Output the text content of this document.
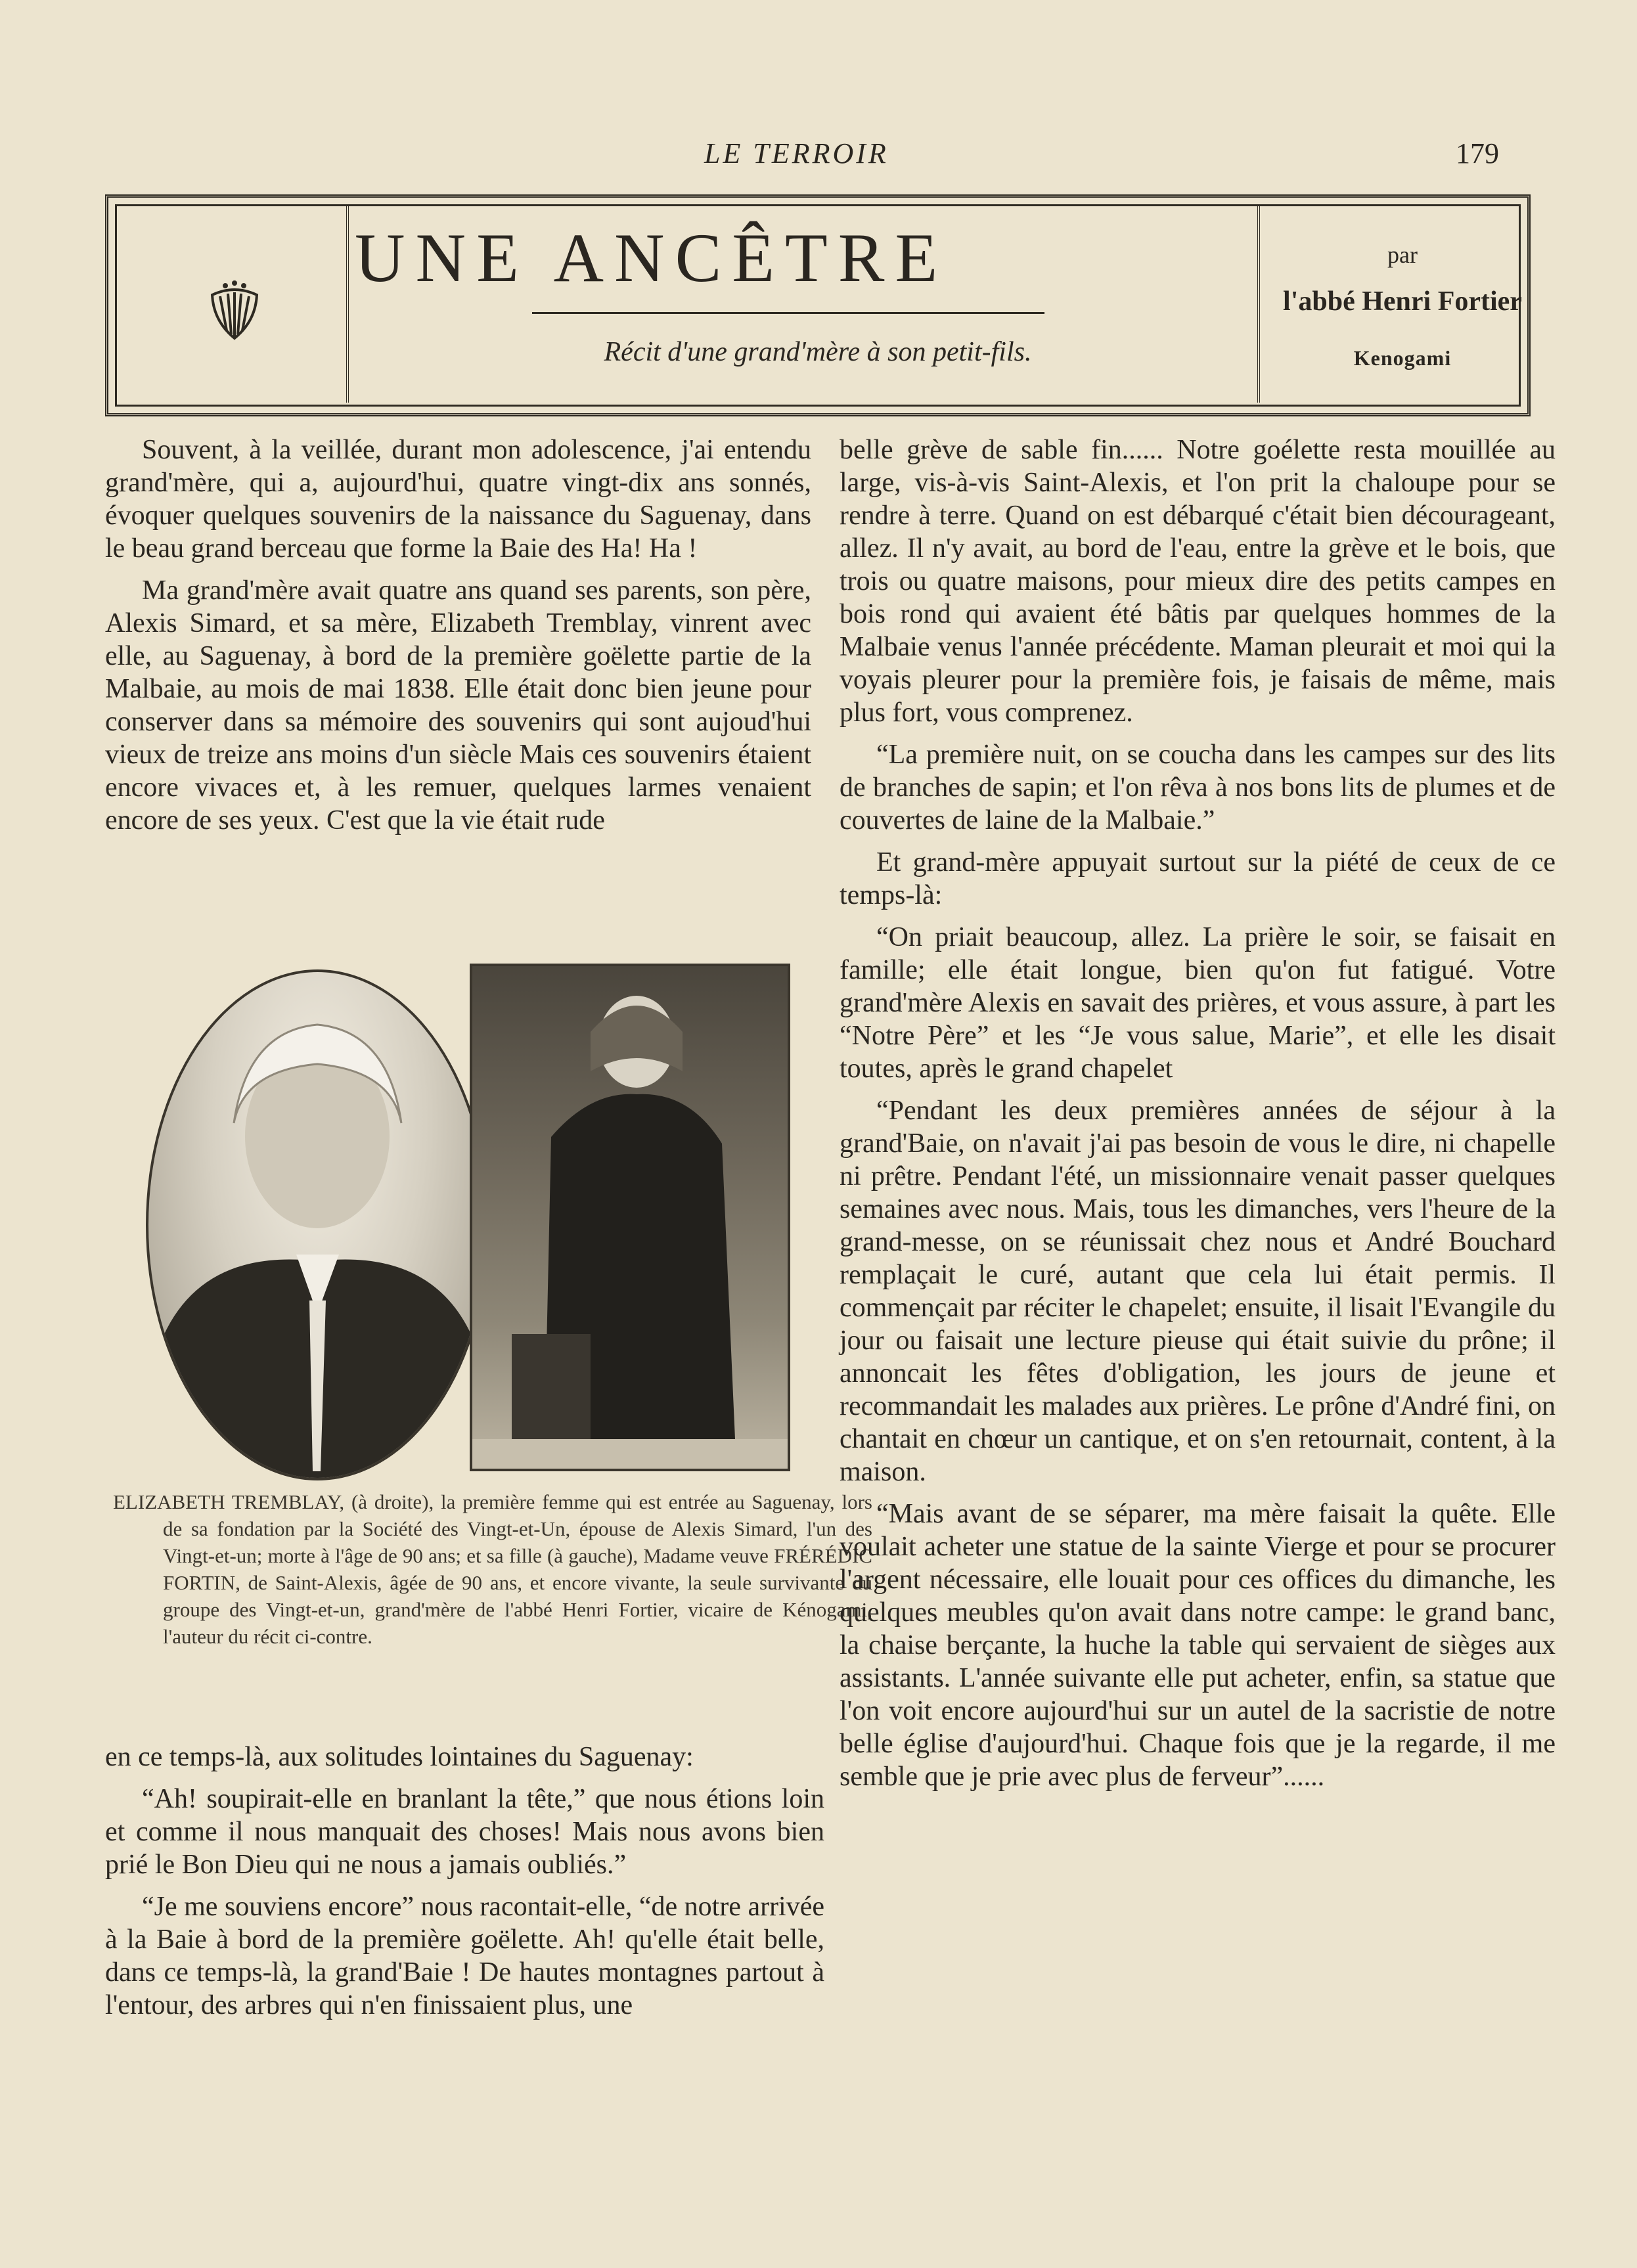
LE TERROIR	179
UNE ANCÊTRE
Récit d'une grand'mère à son petit-fils.
par
l'abbé Henri Fortier
Kenogami

Souvent, à la veillée, durant mon adolescence, j'ai entendu grand'mère, qui a, aujourd'hui, quatre vingt-dix ans sonnés, évoquer quelques souvenirs de la naissance du Saguenay, dans le beau grand berceau que forme la Baie des Ha! Ha !

Ma grand'mère avait quatre ans quand ses parents, son père, Alexis Simard, et sa mère, Elizabeth Tremblay, vinrent avec elle, au Saguenay, à bord de la première goëlette partie de la Malbaie, au mois de mai 1838. Elle était donc bien jeune pour conserver dans sa mémoire des souvenirs qui sont aujoud'hui vieux de treize ans moins d'un siècle Mais ces souvenirs étaient encore vivaces et, à les remuer, quelques larmes venaient encore de ses yeux. C'est que la vie était rude

ELIZABETH TREMBLAY, (à droite), la première femme qui est entrée au Saguenay, lors de sa fondation par la Société des Vingt-et-Un, épouse de Alexis Simard, l'un des Vingt-et-un; morte à l'âge de 90 ans; et sa fille (à gauche), Madame veuve FRÉRÉDIC FORTIN, de Saint-Alexis, âgée de 90 ans, et encore vivante, la seule survivante du groupe des Vingt-et-un, grand'mère de l'abbé Henri Fortier, vicaire de Kénogami, l'auteur du récit ci-contre.

en ce temps-là, aux solitudes lointaines du Saguenay:

“Ah! soupirait-elle en branlant la tête,” que nous étions loin et comme il nous manquait des choses! Mais nous avons bien prié le Bon Dieu qui ne nous a jamais oubliés.”

“Je me souviens encore” nous racontait-elle, “de notre arrivée à la Baie à bord de la première goëlette. Ah! qu'elle était belle, dans ce temps-là, la grand'Baie ! De hautes montagnes partout à l'entour, des arbres qui n'en finissaient plus, une

belle grève de sable fin...... Notre goélette resta mouillée au large, vis-à-vis Saint-Alexis, et l'on prit la chaloupe pour se rendre à terre. Quand on est débarqué c'était bien décourageant, allez. Il n'y avait, au bord de l'eau, entre la grève et le bois, que trois ou quatre maisons, pour mieux dire des petits campes en bois rond qui avaient été bâtis par quelques hommes de la Malbaie venus l'année précédente. Maman pleurait et moi qui la voyais pleurer pour la première fois, je faisais de même, mais plus fort, vous comprenez.

“La première nuit, on se coucha dans les campes sur des lits de branches de sapin; et l'on rêva à nos bons lits de plumes et de couvertes de laine de la Malbaie.”

Et grand-mère appuyait surtout sur la piété de ceux de ce temps-là:

“On priait beaucoup, allez. La prière le soir, se faisait en famille; elle était longue, bien qu'on fut fatigué. Votre grand'mère Alexis en savait des prières, et vous assure, à part les “Notre Père” et les “Je vous salue, Marie”, et elle les disait toutes, après le grand chapelet

“Pendant les deux premières années de séjour à la grand'Baie, on n'avait j'ai pas besoin de vous le dire, ni chapelle ni prêtre. Pendant l'été, un missionnaire venait passer quelques semaines avec nous. Mais, tous les dimanches, vers l'heure de la grand-messe, on se réunissait chez nous et André Bouchard remplaçait le curé, autant que cela lui était permis. Il commençait par réciter le chapelet; ensuite, il lisait l'Evangile du jour ou faisait une lecture pieuse qui était suivie du prône; il annoncait les fêtes d'obligation, les jours de jeune et recommandait les malades aux prières. Le prône d'André fini, on chantait en chœur un cantique, et on s'en retournait, content, à la maison.

“Mais avant de se séparer, ma mère faisait la quête. Elle voulait acheter une statue de la sainte Vierge et pour se procurer l'argent nécessaire, elle louait pour ces offices du dimanche, les quelques meubles qu'on avait dans notre campe: le grand banc, la chaise berçante, la huche la table qui servaient de sièges aux assistants. L'année suivante elle put acheter, enfin, sa statue que l'on voit encore aujourd'hui sur un autel de la sacristie de notre belle église d'aujourd'hui. Chaque fois que je la regarde, il me semble que je prie avec plus de ferveur”......
